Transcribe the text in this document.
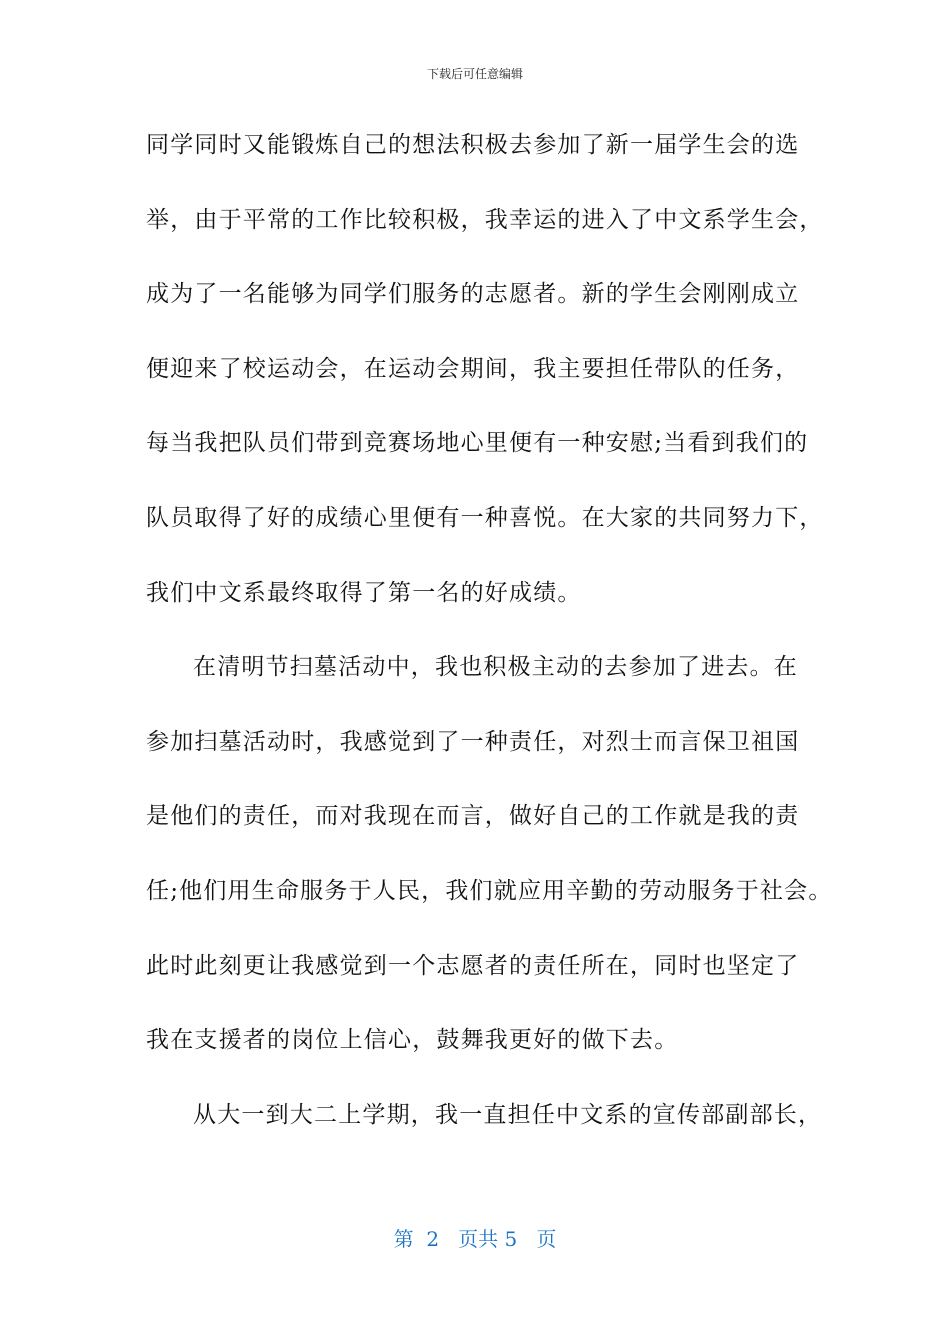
下载后可任意编辑
同学同时又能锻炼自己的想法积极去参加了新一届学生会的选
举，由于平常的工作比较积极，我幸运的进入了中文系学生会，
成为了一名能够为同学们服务的志愿者。新的学生会刚刚成立
便迎来了校运动会，在运动会期间，我主要担任带队的任务，
每当我把队员们带到竞赛场地心里便有一种安慰;当看到我们的
队员取得了好的成绩心里便有一种喜悦。在大家的共同努力下，
我们中文系最终取得了第一名的好成绩。
在清明节扫墓活动中，我也积极主动的去参加了进去。在
参加扫墓活动时，我感觉到了一种责任，对烈士而言保卫祖国
是他们的责任，而对我现在而言，做好自己的工作就是我的责
任;他们用生命服务于人民，我们就应用辛勤的劳动服务于社会。
此时此刻更让我感觉到一个志愿者的责任所在，同时也坚定了
我在支援者的岗位上信心，鼓舞我更好的做下去。
从大一到大二上学期，我一直担任中文系的宣传部副部长，
第  2   页共 5   页
